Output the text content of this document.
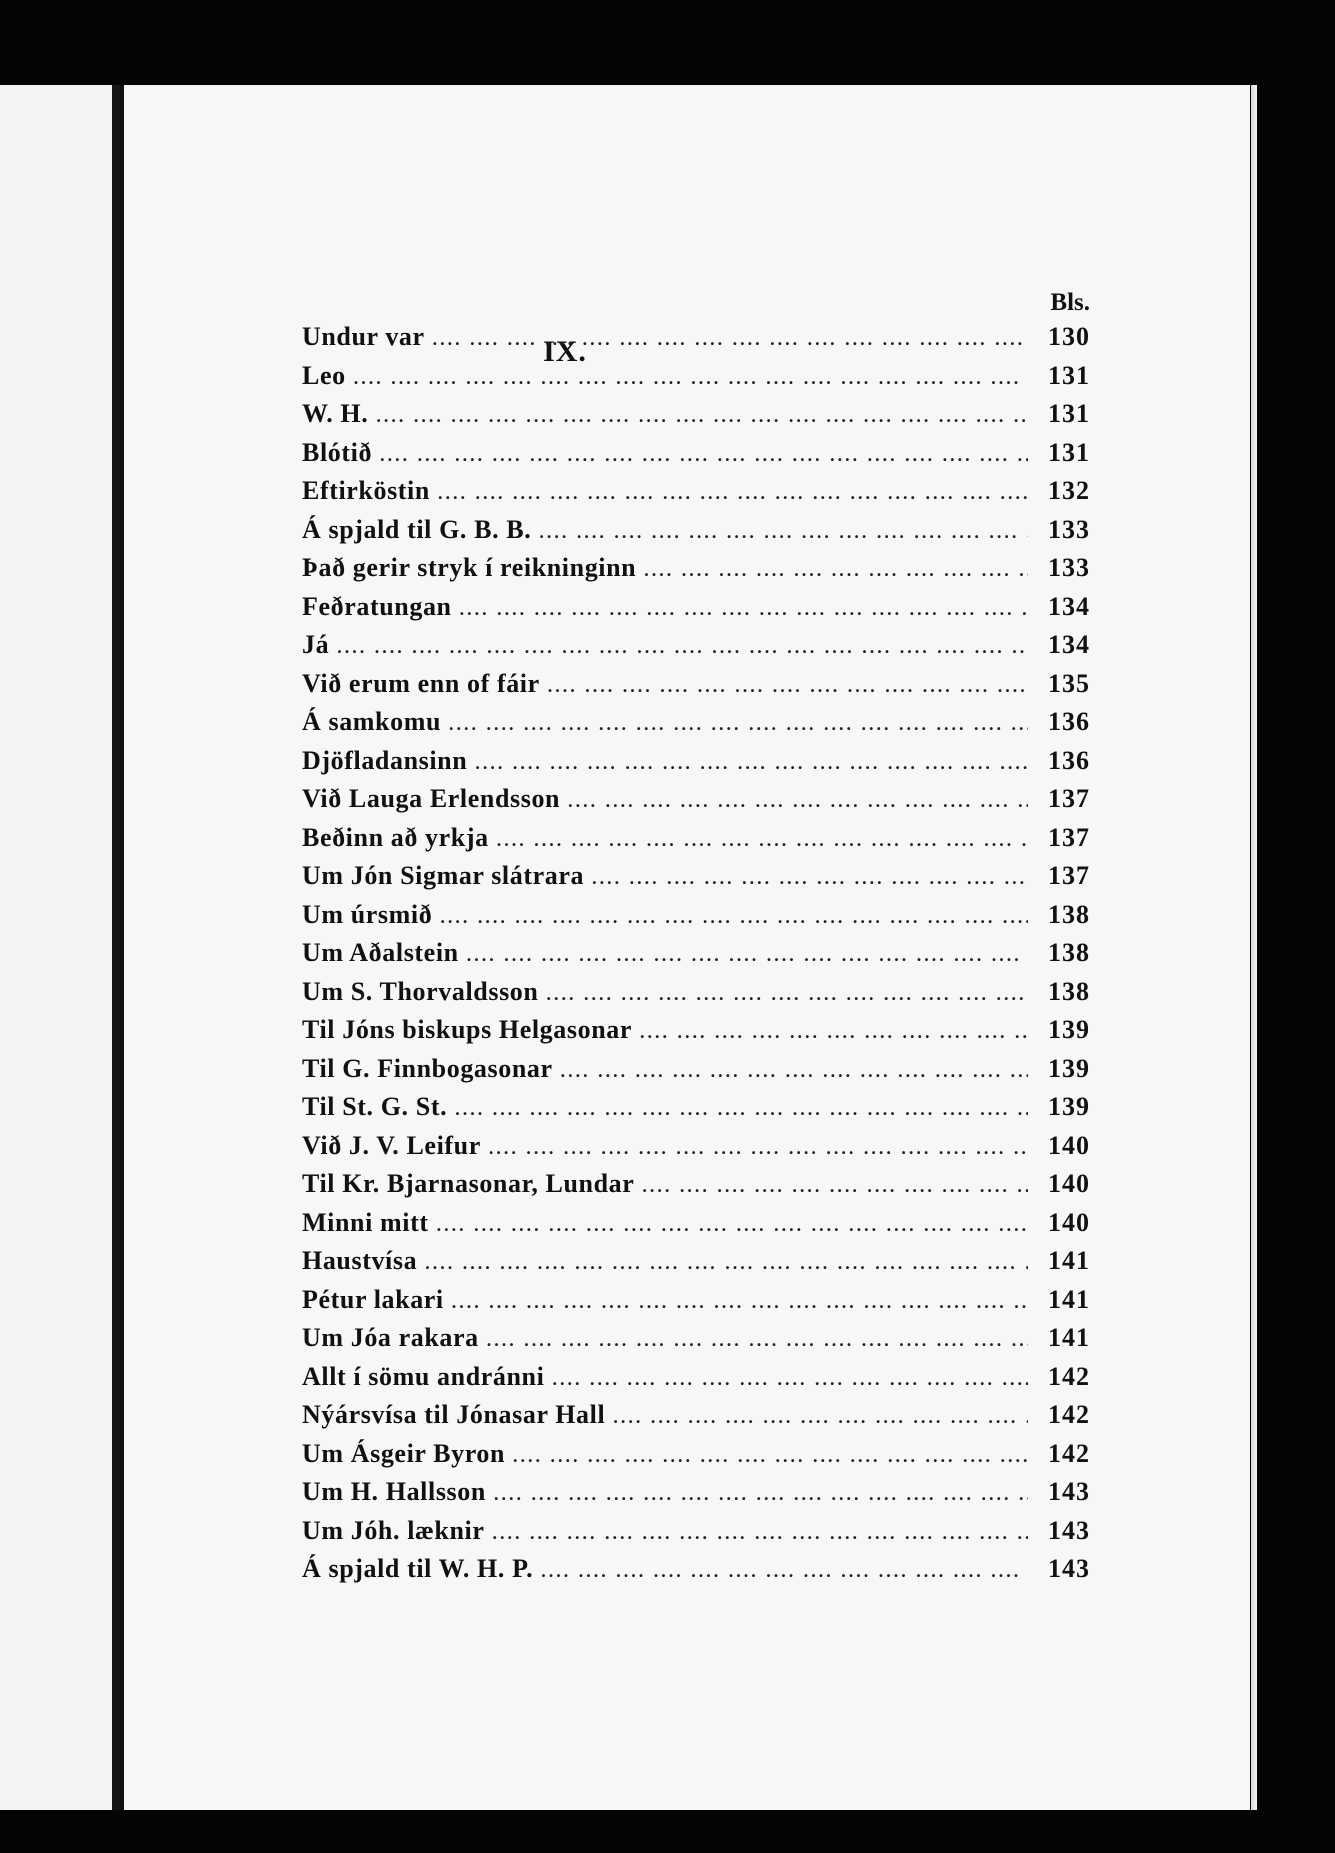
IX.
Bls.
Undur var ....	130
Leo ....	131
W. H. ....	131
Blótið ....	131
Eftirköstin ....	132
Á spjald til G. B. B. ....	133
Það gerir stryk í reikninginn ....	133
Feðratungan ....	134
Já ....	134
Við erum enn of fáir ....	135
Á samkomu ....	136
Djöfladansinn ....	136
Við Lauga Erlendsson ....	137
Beðinn að yrkja ....	137
Um Jón Sigmar slátrara ....	137
Um úrsmið ....	138
Um Aðalstein ....	138
Um S. Thorvaldsson ....	138
Til Jóns biskups Helgasonar ....	139
Til G. Finnbogasonar ....	139
Til St. G. St. ....	139
Við J. V. Leifur ....	140
Til Kr. Bjarnasonar, Lundar ....	140
Minni mitt ....	140
Haustvísa ....	141
Pétur lakari ....	141
Um Jóa rakara ....	141
Allt í sömu andránni ....	142
Nýársvísa til Jónasar Hall ....	142
Um Ásgeir Byron ....	142
Um H. Hallsson ....	143
Um Jóh. læknir ....	143
Á spjald til W. H. P. ....	143
